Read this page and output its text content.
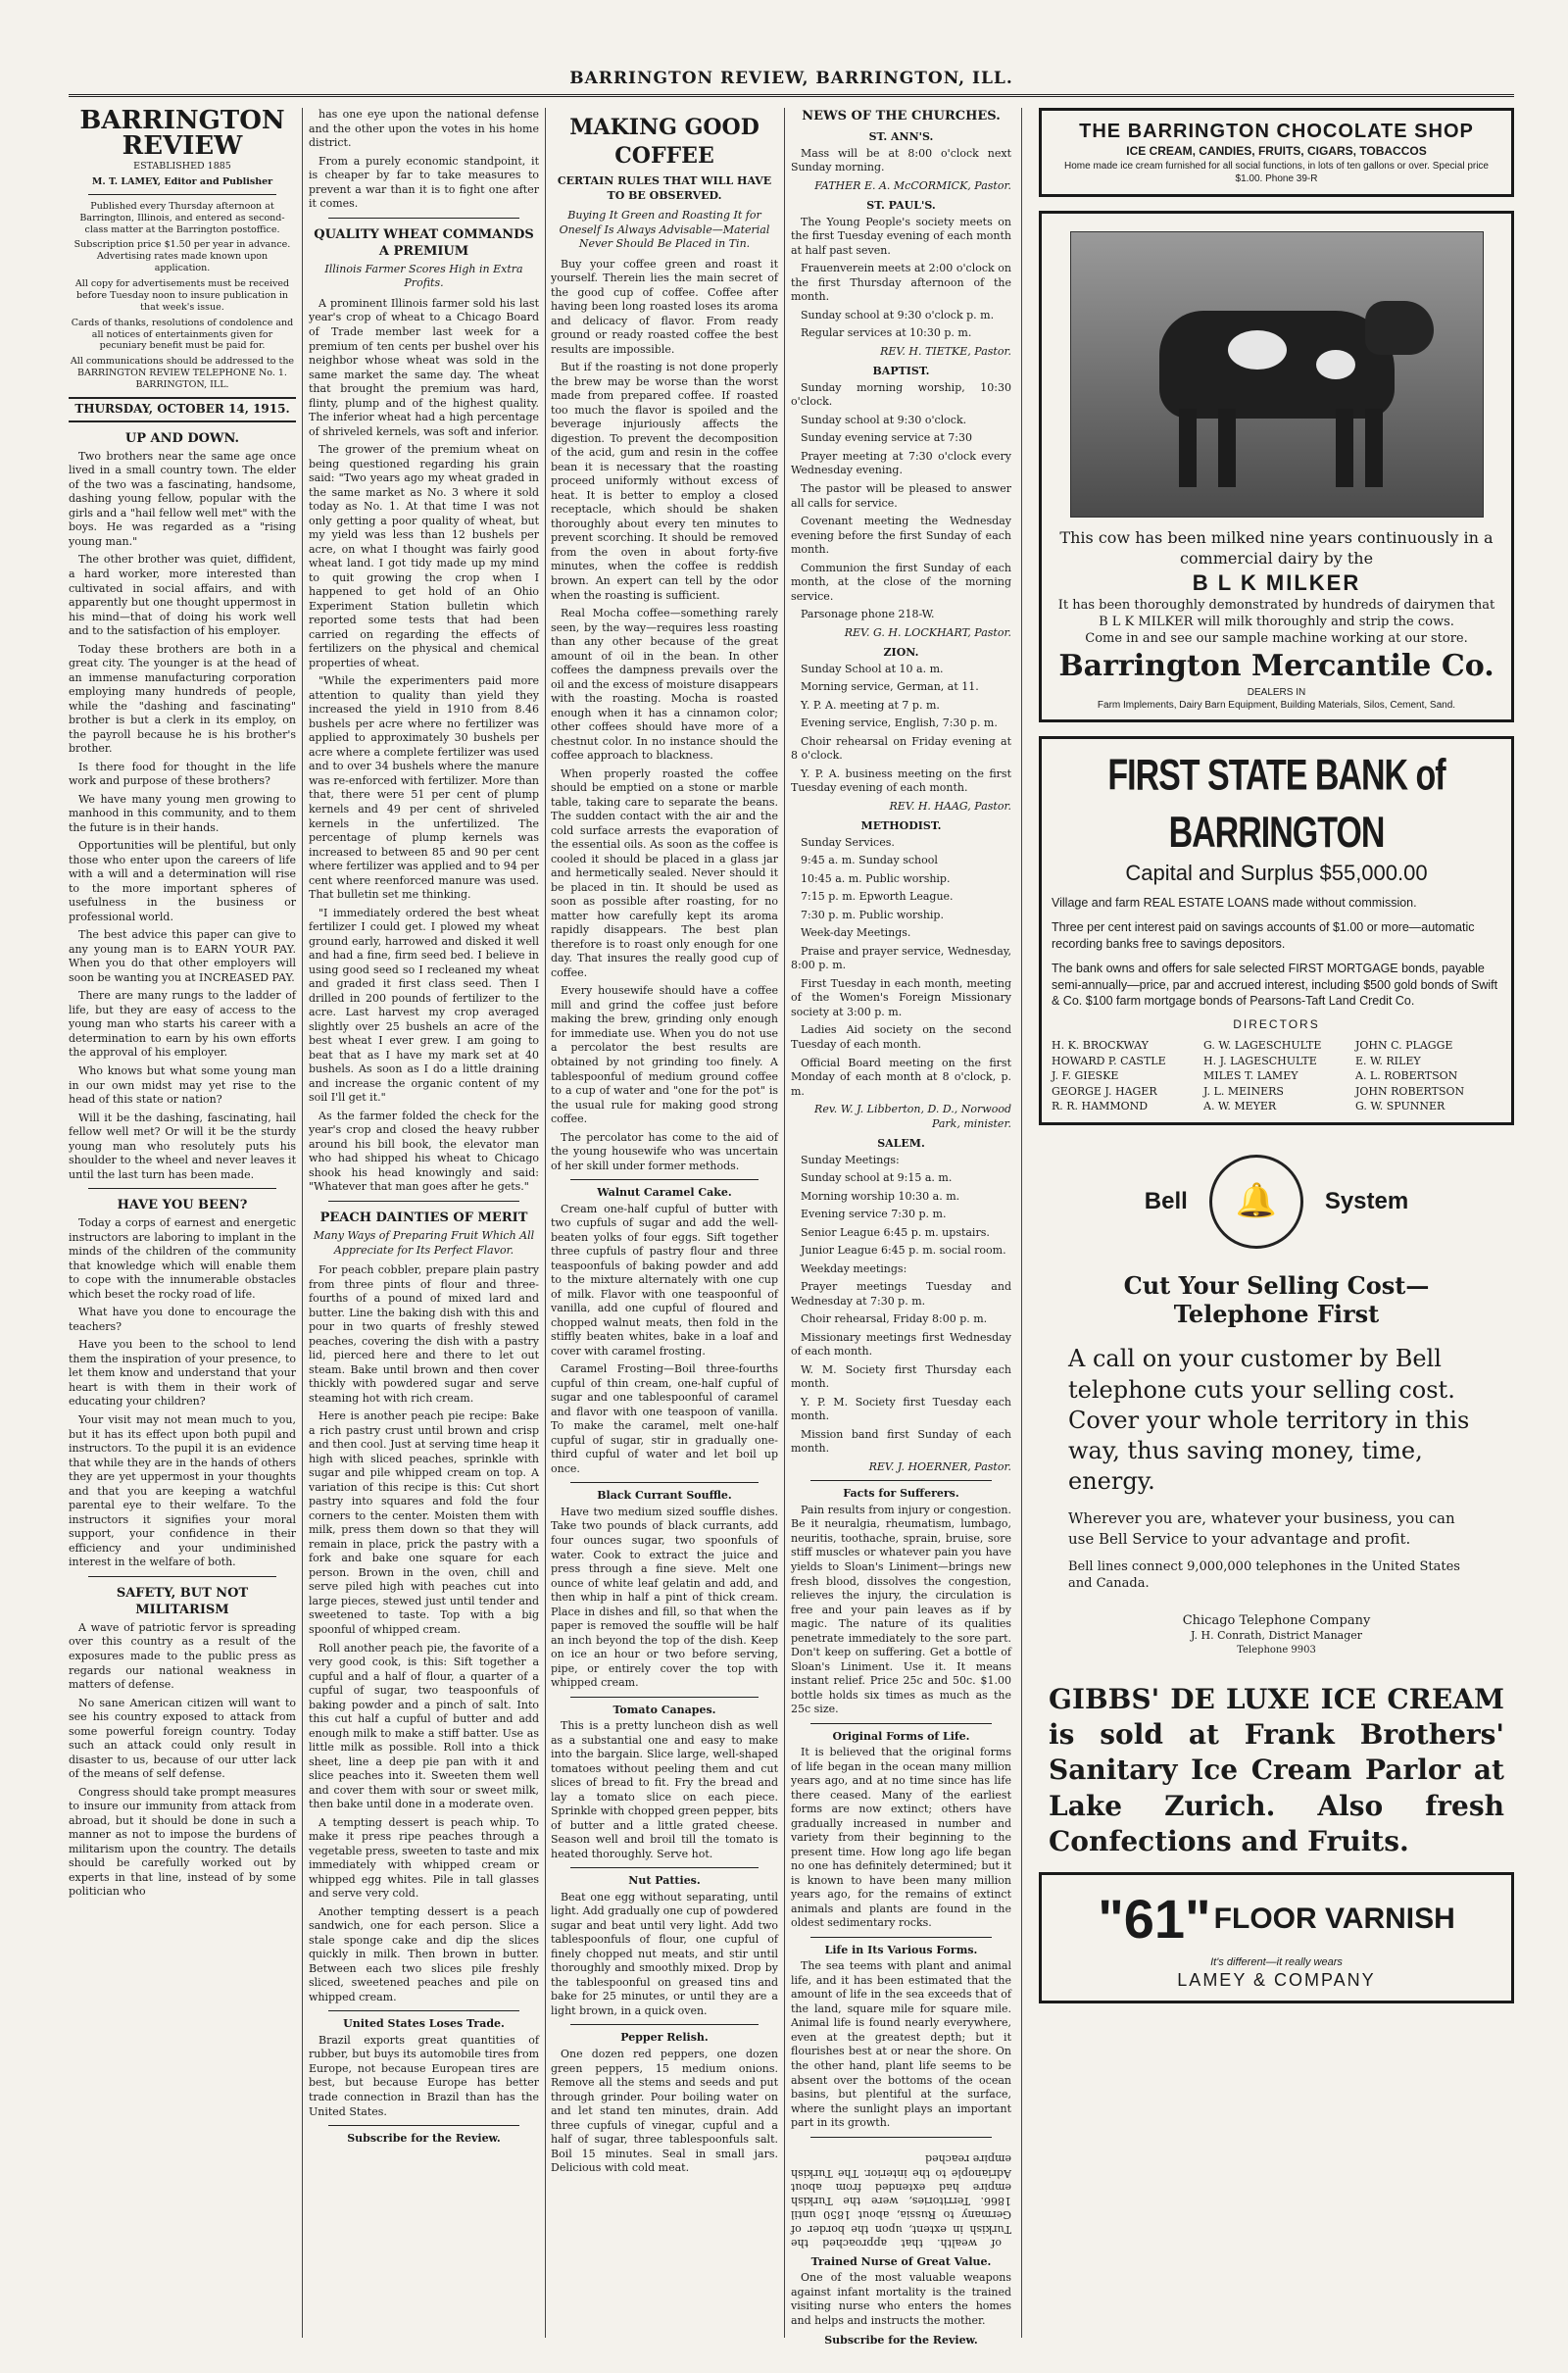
BARRINGTON REVIEW, BARRINGTON, ILL.
BARRINGTON REVIEW

ESTABLISHED 1885

M. T. LAMEY, Editor and Publisher

Published every Thursday afternoon at Barrington, Illinois, and entered as second-class matter at the Barrington postoffice.

Subscription price $1.50 per year in advance. Advertising rates made known upon application.

All copy for advertisements must be received before Tuesday noon to insure publication in that week's issue.

Cards of thanks, resolutions of condolence and all notices of entertainments given for pecuniary benefit must be paid for.

All communications should be addressed to the BARRINGTON REVIEW TELEPHONE No. 1. BARRINGTON, ILL.

THURSDAY, OCTOBER 14, 1915.

UP AND DOWN.

Two brothers near the same age once lived in a small country town. The elder of the two was a fascinating, handsome, dashing young fellow, popular with the girls and a "hail fellow well met" with the boys. He was regarded as a "rising young man."

The other brother was quiet, diffident, a hard worker, more interested than cultivated in social affairs, and with apparently but one thought uppermost in his mind—that of doing his work well and to the satisfaction of his employer.

Today these brothers are both in a great city. The younger is at the head of an immense manufacturing corporation employing many hundreds of people, while the "dashing and fascinating" brother is but a clerk in its employ, on the payroll because he is his brother's brother.

Is there food for thought in the life work and purpose of these brothers?

We have many young men growing to manhood in this community, and to them the future is in their hands.

Opportunities will be plentiful, but only those who enter upon the careers of life with a will and a determination will rise to the more important spheres of usefulness in the business or professional world.

The best advice this paper can give to any young man is to EARN YOUR PAY. When you do that other employers will soon be wanting you at INCREASED PAY.

There are many rungs to the ladder of life, but they are easy of access to the young man who starts his career with a determination to earn by his own efforts the approval of his employer.

Who knows but what some young man in our own midst may yet rise to the head of this state or nation?

Will it be the dashing, fascinating, hail fellow well met? Or will it be the sturdy young man who resolutely puts his shoulder to the wheel and never leaves it until the last turn has been made.

HAVE YOU BEEN?

Today a corps of earnest and energetic instructors are laboring to implant in the minds of the children of the community that knowledge which will enable them to cope with the innumerable obstacles which beset the rocky road of life.

What have you done to encourage the teachers?

Have you been to the school to lend them the inspiration of your presence, to let them know and understand that your heart is with them in their work of educating your children?

Your visit may not mean much to you, but it has its effect upon both pupil and instructors. To the pupil it is an evidence that while they are in the hands of others they are yet uppermost in your thoughts and that you are keeping a watchful parental eye to their welfare. To the instructors it signifies your moral support, your confidence in their efficiency and your undiminished interest in the welfare of both.

SAFETY, BUT NOT MILITARISM

A wave of patriotic fervor is spreading over this country as a result of the exposures made to the public press as regards our national weakness in matters of defense.

No sane American citizen will want to see his country exposed to attack from some powerful foreign country. Today such an attack could only result in disaster to us, because of our utter lack of the means of self defense.

Congress should take prompt measures to insure our immunity from attack from abroad, but it should be done in such a manner as not to impose the burdens of militarism upon the country. The details should be carefully worked out by experts in that line, instead of by some politician who

has one eye upon the national defense and the other upon the votes in his home district.

From a purely economic standpoint, it is cheaper by far to take measures to prevent a war than it is to fight one after it comes.

QUALITY WHEAT COMMANDS A PREMIUM

Illinois Farmer Scores High in Extra Profits.

A prominent Illinois farmer sold his last year's crop of wheat to a Chicago Board of Trade member last week for a premium of ten cents per bushel over his neighbor whose wheat was sold in the same market the same day. The wheat that brought the premium was hard, flinty, plump and of the highest quality. The inferior wheat had a high percentage of shriveled kernels, was soft and inferior.

The grower of the premium wheat on being questioned regarding his grain said: "Two years ago my wheat graded in the same market as No. 3 where it sold today as No. 1. At that time I was not only getting a poor quality of wheat, but my yield was less than 12 bushels per acre, on what I thought was fairly good wheat land. I got tidy made up my mind to quit growing the crop when I happened to get hold of an Ohio Experiment Station bulletin which reported some tests that had been carried on regarding the effects of fertilizers on the physical and chemical properties of wheat.

"While the experimenters paid more attention to quality than yield they increased the yield in 1910 from 8.46 bushels per acre where no fertilizer was applied to approximately 30 bushels per acre where a complete fertilizer was used and to over 34 bushels where the manure was re-enforced with fertilizer. More than that, there were 51 per cent of plump kernels and 49 per cent of shriveled kernels in the unfertilized. The percentage of plump kernels was increased to between 85 and 90 per cent where fertilizer was applied and to 94 per cent where reenforced manure was used. That bulletin set me thinking.

"I immediately ordered the best wheat fertilizer I could get. I plowed my wheat ground early, harrowed and disked it well and had a fine, firm seed bed. I believe in using good seed so I recleaned my wheat and graded it first class seed. Then I drilled in 200 pounds of fertilizer to the acre. Last harvest my crop averaged slightly over 25 bushels an acre of the best wheat I ever grew. I am going to beat that as I have my mark set at 40 bushels. As soon as I do a little draining and increase the organic content of my soil I'll get it."

As the farmer folded the check for the year's crop and closed the heavy rubber around his bill book, the elevator man who had shipped his wheat to Chicago shook his head knowingly and said: "Whatever that man goes after he gets."

PEACH DAINTIES OF MERIT

Many Ways of Preparing Fruit Which All Appreciate for Its Perfect Flavor.

For peach cobbler, prepare plain pastry from three pints of flour and three-fourths of a pound of mixed lard and butter. Line the baking dish with this and pour in two quarts of freshly stewed peaches, covering the dish with a pastry lid, pierced here and there to let out steam. Bake until brown and then cover thickly with powdered sugar and serve steaming hot with rich cream.

Here is another peach pie recipe: Bake a rich pastry crust until brown and crisp and then cool. Just at serving time heap it high with sliced peaches, sprinkle with sugar and pile whipped cream on top. A variation of this recipe is this: Cut short pastry into squares and fold the four corners to the center. Moisten them with milk, press them down so that they will remain in place, prick the pastry with a fork and bake one square for each person. Brown in the oven, chill and serve piled high with peaches cut into large pieces, stewed just until tender and sweetened to taste. Top with a big spoonful of whipped cream.

Roll another peach pie, the favorite of a very good cook, is this: Sift together a cupful and a half of flour, a quarter of a cupful of sugar, two teaspoonfuls of baking powder and a pinch of salt. Into this cut half a cupful of butter and add enough milk to make a stiff batter. Use as little milk as possible. Roll into a thick sheet, line a deep pie pan with it and slice peaches into it. Sweeten them well and cover them with sour or sweet milk, then bake until done in a moderate oven.

A tempting dessert is peach whip. To make it press ripe peaches through a vegetable press, sweeten to taste and mix immediately with whipped cream or whipped egg whites. Pile in tall glasses and serve very cold.

Another tempting dessert is a peach sandwich, one for each person. Slice a stale sponge cake and dip the slices quickly in milk. Then brown in butter. Between each two slices pile freshly sliced, sweetened peaches and pile on whipped cream.

United States Loses Trade.

Brazil exports great quantities of rubber, but buys its automobile tires from Europe, not because European tires are best, but because Europe has better trade connection in Brazil than has the United States.

Subscribe for the Review.

MAKING GOOD COFFEE

CERTAIN RULES THAT WILL HAVE TO BE OBSERVED.

Buying It Green and Roasting It for Oneself Is Always Advisable—Material Never Should Be Placed in Tin.

Buy your coffee green and roast it yourself. Therein lies the main secret of the good cup of coffee. Coffee after having been long roasted loses its aroma and delicacy of flavor. From ready ground or ready roasted coffee the best results are impossible.

But if the roasting is not done properly the brew may be worse than the worst made from prepared coffee. If roasted too much the flavor is spoiled and the beverage injuriously affects the digestion. To prevent the decomposition of the acid, gum and resin in the coffee bean it is necessary that the roasting proceed uniformly without excess of heat. It is better to employ a closed receptacle, which should be shaken thoroughly about every ten minutes to prevent scorching. It should be removed from the oven in about forty-five minutes, when the coffee is reddish brown. An expert can tell by the odor when the roasting is sufficient.

Real Mocha coffee—something rarely seen, by the way—requires less roasting than any other because of the great amount of oil in the bean. In other coffees the dampness prevails over the oil and the excess of moisture disappears with the roasting. Mocha is roasted enough when it has a cinnamon color; other coffees should have more of a chestnut color. In no instance should the coffee approach to blackness.

When properly roasted the coffee should be emptied on a stone or marble table, taking care to separate the beans. The sudden contact with the air and the cold surface arrests the evaporation of the essential oils. As soon as the coffee is cooled it should be placed in a glass jar and hermetically sealed. Never should it be placed in tin. It should be used as soon as possible after roasting, for no matter how carefully kept its aroma rapidly disappears. The best plan therefore is to roast only enough for one day. That insures the really good cup of coffee.

Every housewife should have a coffee mill and grind the coffee just before making the brew, grinding only enough for immediate use. When you do not use a percolator the best results are obtained by not grinding too finely. A tablespoonful of medium ground coffee to a cup of water and "one for the pot" is the usual rule for making good strong coffee.

The percolator has come to the aid of the young housewife who was uncertain of her skill under former methods.

Walnut Caramel Cake.

Cream one-half cupful of butter with two cupfuls of sugar and add the well-beaten yolks of four eggs. Sift together three cupfuls of pastry flour and three teaspoonfuls of baking powder and add to the mixture alternately with one cup of milk. Flavor with one teaspoonful of vanilla, add one cupful of floured and chopped walnut meats, then fold in the stiffly beaten whites, bake in a loaf and cover with caramel frosting.

Caramel Frosting—Boil three-fourths cupful of thin cream, one-half cupful of sugar and one tablespoonful of caramel and flavor with one teaspoon of vanilla. To make the caramel, melt one-half cupful of sugar, stir in gradually one-third cupful of water and let boil up once.

Black Currant Souffle.

Have two medium sized souffle dishes. Take two pounds of black currants, add four ounces sugar, two spoonfuls of water. Cook to extract the juice and press through a fine sieve. Melt one ounce of white leaf gelatin and add, and then whip in half a pint of thick cream. Place in dishes and fill, so that when the paper is removed the souffle will be half an inch beyond the top of the dish. Keep on ice an hour or two before serving, pipe, or entirely cover the top with whipped cream.

Tomato Canapes.

This is a pretty luncheon dish as well as a substantial one and easy to make into the bargain. Slice large, well-shaped tomatoes without peeling them and cut slices of bread to fit. Fry the bread and lay a tomato slice on each piece. Sprinkle with chopped green pepper, bits of butter and a little grated cheese. Season well and broil till the tomato is heated thoroughly. Serve hot.

Nut Patties.

Beat one egg without separating, until light. Add gradually one cup of powdered sugar and beat until very light. Add two tablespoonfuls of flour, one cupful of finely chopped nut meats, and stir until thoroughly and smoothly mixed. Drop by the tablespoonful on greased tins and bake for 25 minutes, or until they are a light brown, in a quick oven.

Pepper Relish.

One dozen red peppers, one dozen green peppers, 15 medium onions. Remove all the stems and seeds and put through grinder. Pour boiling water on and let stand ten minutes, drain. Add three cupfuls of vinegar, cupful and a half of sugar, three tablespoonfuls salt. Boil 15 minutes. Seal in small jars. Delicious with cold meat.

NEWS OF THE CHURCHES.

ST. ANN'S.

Mass will be at 8:00 o'clock next Sunday morning.

FATHER E. A. McCORMICK, Pastor.

ST. PAUL'S.

The Young People's society meets on the first Tuesday evening of each month at half past seven.

Frauenverein meets at 2:00 o'clock on the first Thursday afternoon of the month.

Sunday school at 9:30 o'clock p. m.

Regular services at 10:30 p. m.

REV. H. TIETKE, Pastor.

BAPTIST.

Sunday morning worship, 10:30 o'clock.

Sunday school at 9:30 o'clock.

Sunday evening service at 7:30

Prayer meeting at 7:30 o'clock every Wednesday evening.

The pastor will be pleased to answer all calls for service.

Covenant meeting the Wednesday evening before the first Sunday of each month.

Communion the first Sunday of each month, at the close of the morning service.

Parsonage phone 218-W.

REV. G. H. LOCKHART, Pastor.

ZION.

Sunday School at 10 a. m.

Morning service, German, at 11.

Y. P. A. meeting at 7 p. m.

Evening service, English, 7:30 p. m.

Choir rehearsal on Friday evening at 8 o'clock.

Y. P. A. business meeting on the first Tuesday evening of each month.

REV. H. HAAG, Pastor.

METHODIST.

Sunday Services.

9:45 a. m. Sunday school

10:45 a. m. Public worship.

7:15 p. m. Epworth League.

7:30 p. m. Public worship.

Week-day Meetings.

Praise and prayer service, Wednesday, 8:00 p. m.

First Tuesday in each month, meeting of the Women's Foreign Missionary society at 3:00 p. m.

Ladies Aid society on the second Tuesday of each month.

Official Board meeting on the first Monday of each month at 8 o'clock, p. m.

Rev. W. J. Libberton, D. D., Norwood Park, minister.

SALEM.

Sunday Meetings:

Sunday school at 9:15 a. m.

Morning worship 10:30 a. m.

Evening service 7:30 p. m.

Senior League 6:45 p. m. upstairs.

Junior League 6:45 p. m. social room.

Weekday meetings:

Prayer meetings Tuesday and Wednesday at 7:30 p. m.

Choir rehearsal, Friday 8:00 p. m.

Missionary meetings first Wednesday of each month.

W. M. Society first Thursday each month.

Y. P. M. Society first Tuesday each month.

Mission band first Sunday of each month.

REV. J. HOERNER, Pastor.

Facts for Sufferers.

Pain results from injury or congestion. Be it neuralgia, rheumatism, lumbago, neuritis, toothache, sprain, bruise, sore stiff muscles or whatever pain you have yields to Sloan's Liniment—brings new fresh blood, dissolves the congestion, relieves the injury, the circulation is free and your pain leaves as if by magic. The nature of its qualities penetrate immediately to the sore part. Don't keep on suffering. Get a bottle of Sloan's Liniment. Use it. It means instant relief. Price 25c and 50c. $1.00 bottle holds six times as much as the 25c size.

Original Forms of Life.

It is believed that the original forms of life began in the ocean many million years ago, and at no time since has life there ceased. Many of the earliest forms are now extinct; others have gradually increased in number and variety from their beginning to the present time. How long ago life began no one has definitely determined; but it is known to have been many million years ago, for the remains of extinct animals and plants are found in the oldest sedimentary rocks.

Life in Its Various Forms.

The sea teems with plant and animal life, and it has been estimated that the amount of life in the sea exceeds that of the land, square mile for square mile. Animal life is found nearly everywhere, even at the greatest depth; but it flourishes best at or near the shore. On the other hand, plant life seems to be absent over the bottoms of the ocean basins, but plentiful at the surface, where the sunlight plays an important part in its growth.

of wealth. that approached the Turkish in extent, upon the border of Germany to Russia, about 1850 until 1866. Territories, were the Turkish empire had extended from about Adrianople to the interior. The Turkish empire reached

Trained Nurse of Great Value.

One of the most valuable weapons against infant mortality is the trained visiting nurse who enters the homes and helps and instructs the mother.

Subscribe for the Review.

THE BARRINGTON CHOCOLATE SHOP
ICE CREAM, CANDIES, FRUITS, CIGARS, TOBACCOS
Home made ice cream furnished for all social functions, in lots of ten gallons or over. Special price $1.00. Phone 39-R
This cow has been milked nine years continuously in a commercial dairy by the
B L K MILKER
It has been thoroughly demonstrated by hundreds of dairymen that B L K MILKER will milk thoroughly and strip the cows.
Come in and see our sample machine working at our store.
Barrington Mercantile Co.
DEALERS IN
Farm Implements, Dairy Barn Equipment, Building Materials, Silos, Cement, Sand.
FIRST STATE BANK of BARRINGTON
Capital and Surplus $55,000.00
Village and farm REAL ESTATE LOANS made without commission.
Three per cent interest paid on savings accounts of $1.00 or more—automatic recording banks free to savings depositors.
The bank owns and offers for sale selected FIRST MORTGAGE bonds, payable semi-annually—price, par and accrued interest, including $500 gold bonds of Swift & Co. $100 farm mortgage bonds of Pearsons-Taft Land Credit Co.
DIRECTORS
H. K. BROCKWAY	G. W. LAGESCHULTE	JOHN C. PLAGGE
HOWARD P. CASTLE	H. J. LAGESCHULTE	E. W. RILEY
J. F. GIESKE	MILES T. LAMEY	A. L. ROBERTSON
GEORGE J. HAGER	J. L. MEINERS	JOHN ROBERTSON
R. R. HAMMOND	A. W. MEYER	G. W. SPUNNER
Bell	🔔	System
Cut Your Selling Cost—
Telephone First
A call on your customer by Bell telephone cuts your selling cost. Cover your whole territory in this way, thus saving money, time, energy.
Wherever you are, whatever your business, you can use Bell Service to your advantage and profit.
Bell lines connect 9,000,000 telephones in the United States and Canada.
Chicago Telephone Company
J. H. Conrath, District Manager
Telephone 9903
GIBBS' DE LUXE ICE CREAM is sold at Frank Brothers' Sanitary Ice Cream Parlor at Lake Zurich. Also fresh Confections and Fruits.
"61" FLOOR VARNISH
It's different—it really wears
LAMEY & COMPANY
